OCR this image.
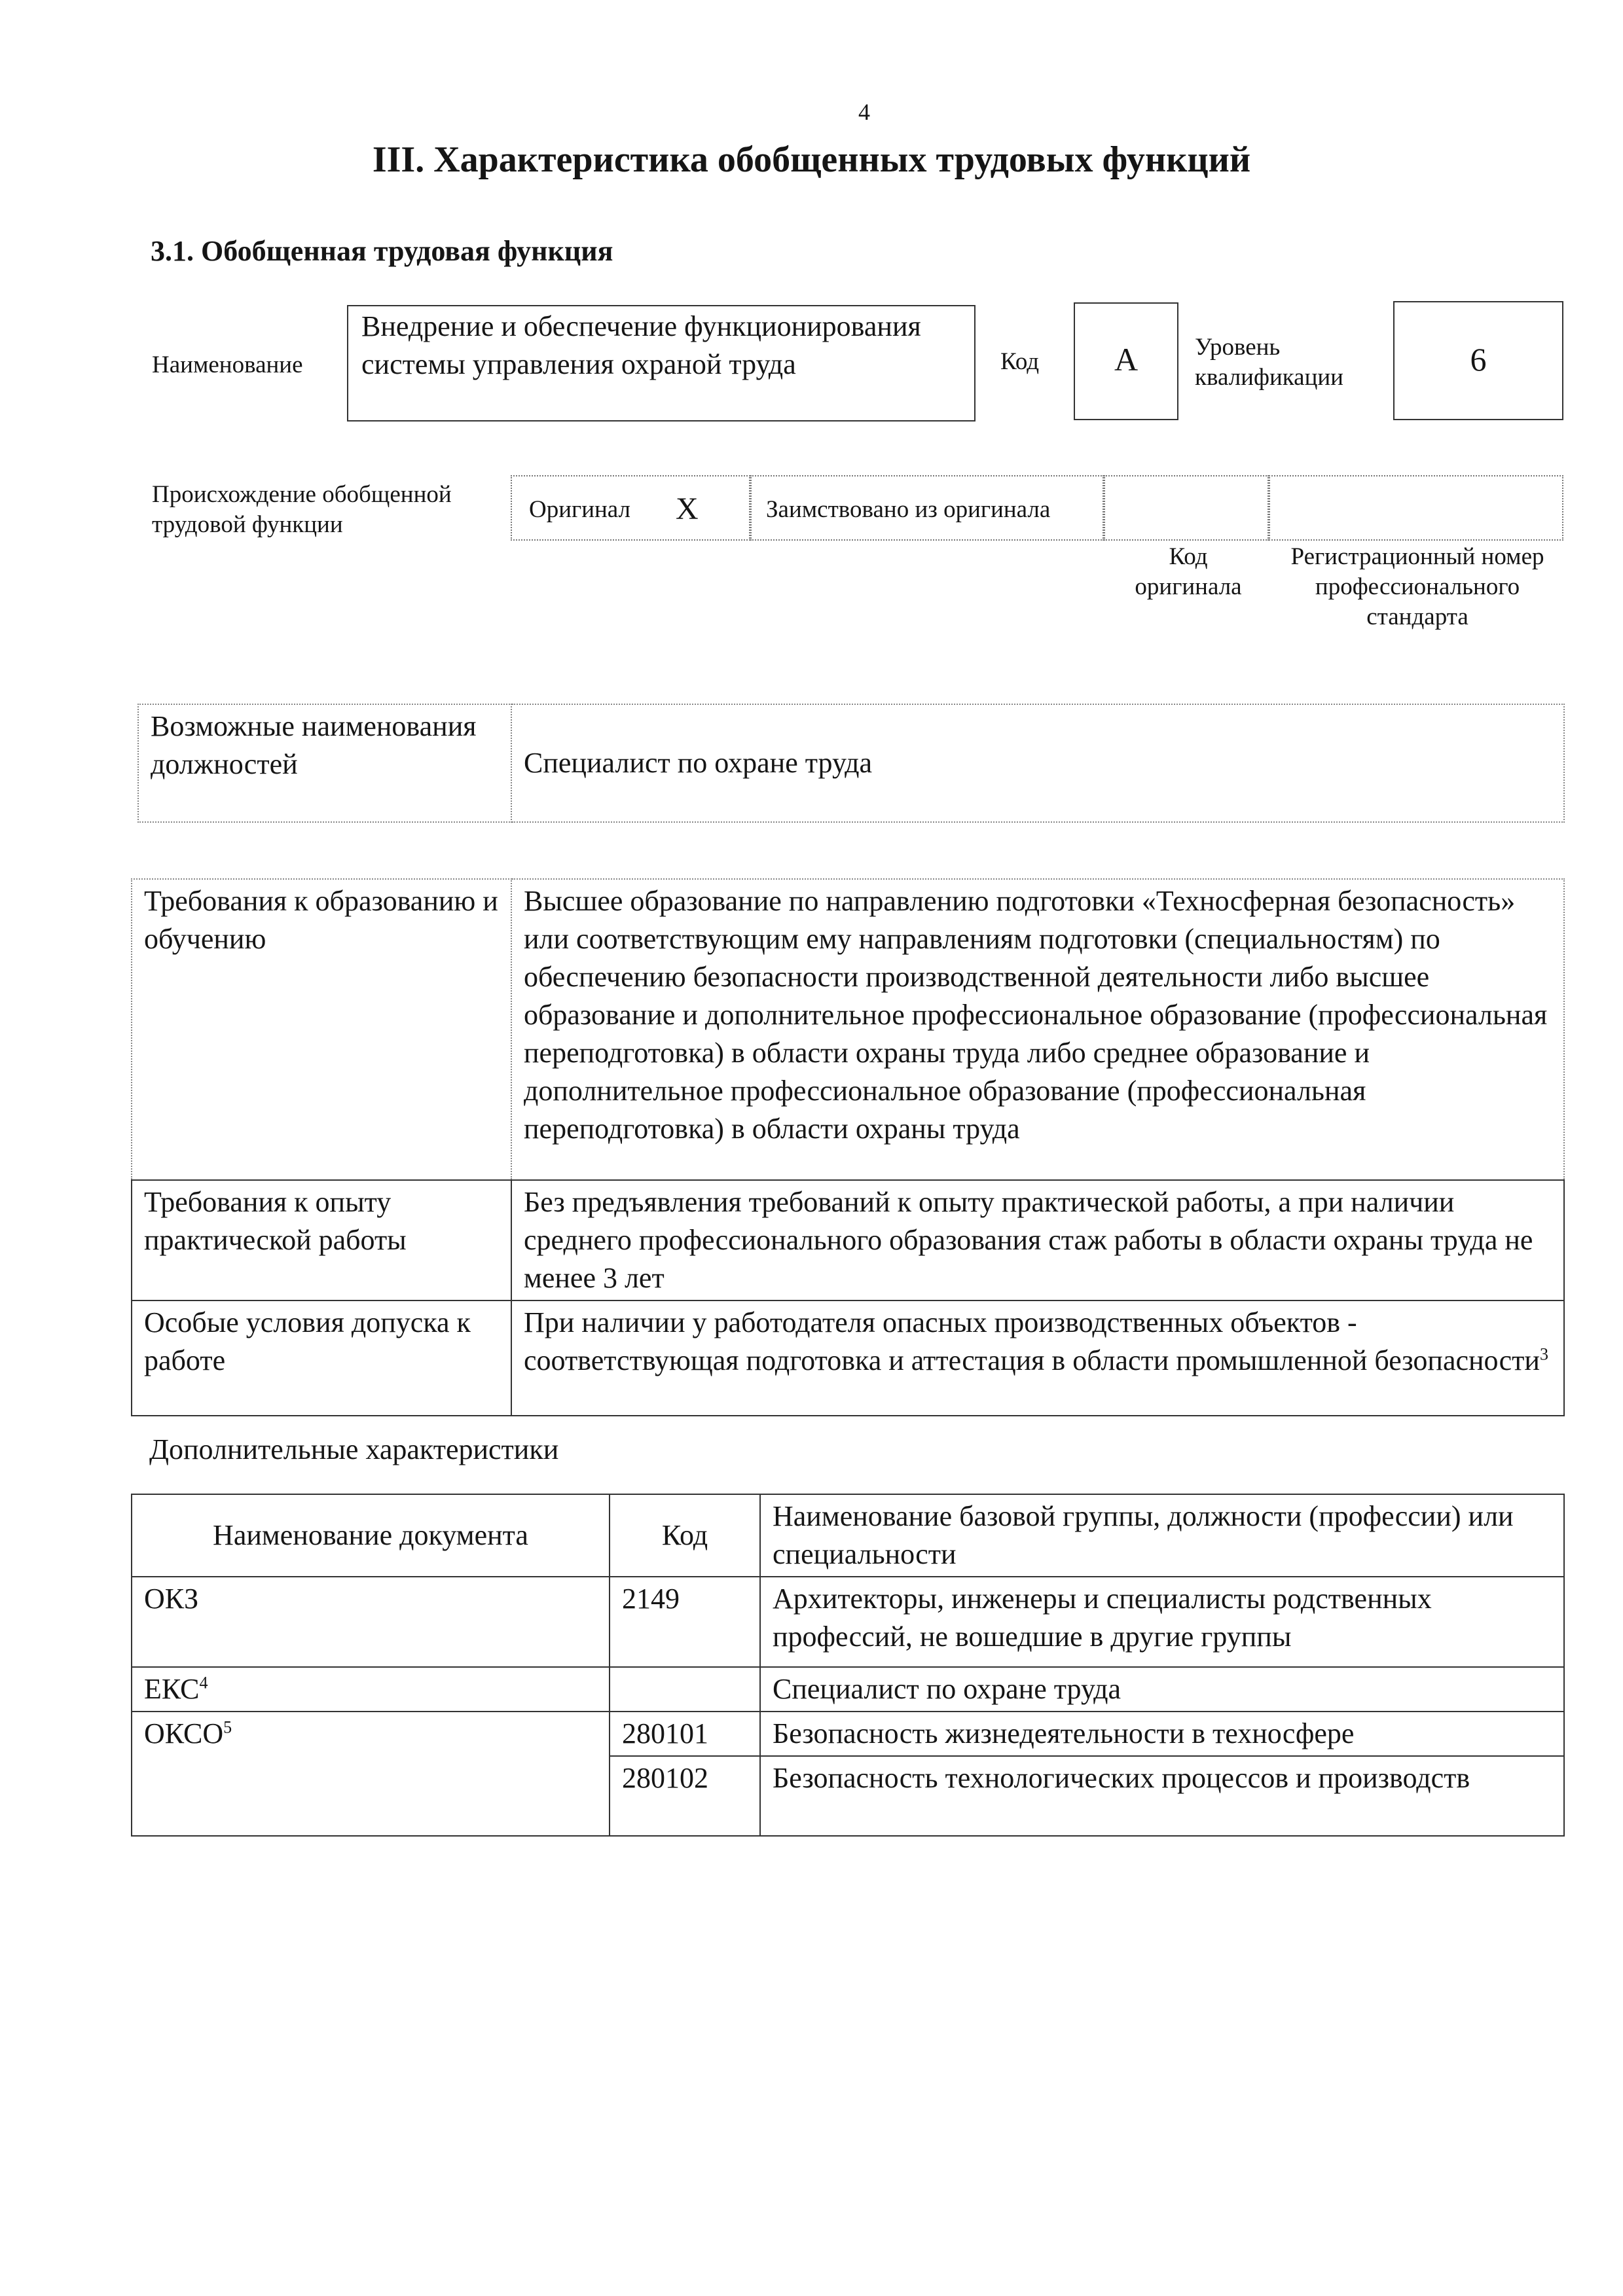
4
III. Характеристика обобщенных трудовых функций
3.1. Обобщенная трудовая функция
Наименование
Внедрение и обеспечение функционирования системы управления охраной труда	Код	А	Уровень квалификации	6
Происхождение обобщенной трудовой функции
Оригинал Х	Заимствовано из оригинала
Код оригинала
Регистрационный номер профессионального стандарта
Возможные наименования должностей	Специалист по охране труда
Требования к образованию и обучению	Высшее образование по направлению подготовки «Техносферная безопасность» или соответствующим ему направлениям подготовки (специальностям) по обеспечению безопасности производственной деятельности либо высшее образование и дополнительное профессиональное образование (профессиональная переподготовка) в области охраны труда либо среднее образование и дополнительное профессиональное образование (профессиональная переподготовка) в области охраны труда
Требования к опыту практической работы	Без предъявления требований к опыту практической работы, а при наличии среднего профессионального образования стаж работы в области охраны труда не менее 3 лет
Особые условия допуска к работе	При наличии у работодателя опасных производственных объектов - соответствующая подготовка и аттестация в области промышленной безопасности$^3$
Дополнительные характеристики
Наименование документа	Код	Наименование базовой группы, должности (профессии) или специальности
ОКЗ	2149	Архитекторы, инженеры и специалисты родственных профессий, не вошедшие в другие группы
ЕКС$^4$		Специалист по охране труда
ОКСО$^5$	280101	Безопасность жизнедеятельности в техносфере
	280102	Безопасность технологических процессов и производств
